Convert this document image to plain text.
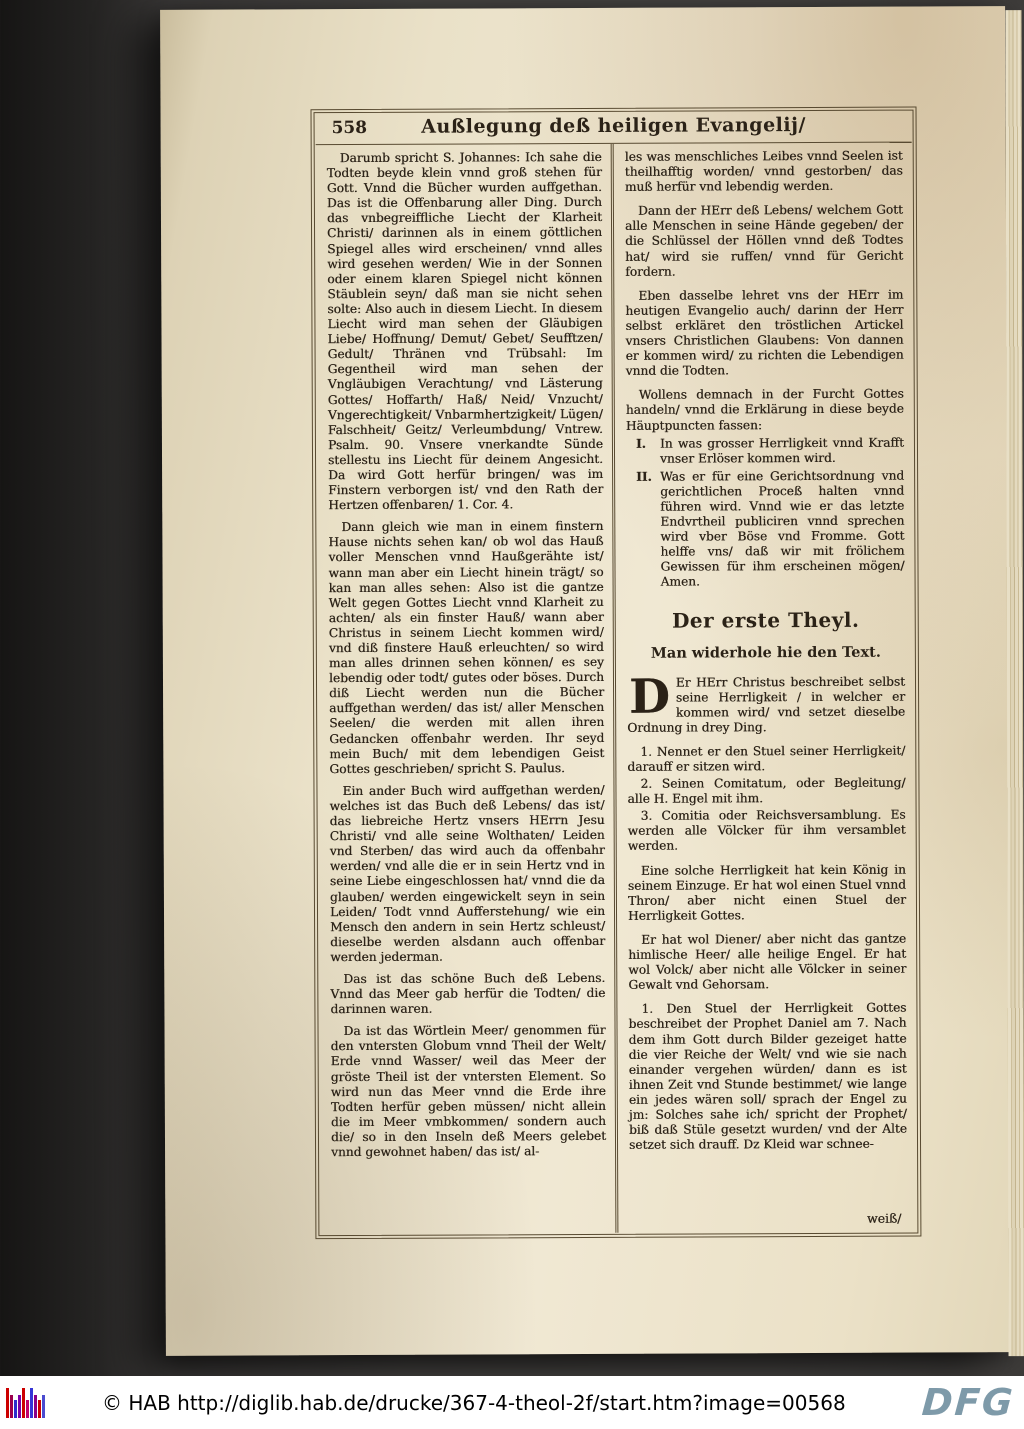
558	Außlegung deß heiligen Evangelij/

Darumb spricht S. Johannes: Ich sahe die Todten beyde klein vnnd groß stehen für Gott. Vnnd die Bücher wurden auffgethan. Das ist die Offenbarung aller Ding. Durch das vnbegreiffliche Liecht der Klarheit Christi/ darinnen als in einem göttlichen Spiegel alles wird erscheinen/ vnnd alles wird gesehen werden/ Wie in der Sonnen oder einem klaren Spiegel nicht können Stäublein seyn/ daß man sie nicht sehen solte: Also auch in diesem Liecht. In diesem Liecht wird man sehen der Gläubigen Liebe/ Hoffnung/ Demut/ Gebet/ Seufftzen/ Gedult/ Thränen vnd Trübsahl: Im Gegentheil wird man sehen der Vngläubigen Verachtung/ vnd Lästerung Gottes/ Hoffarth/ Haß/ Neid/ Vnzucht/ Vngerechtigkeit/ Vnbarmhertzigkeit/ Lügen/ Falschheit/ Geitz/ Verleumbdung/ Vntrew. Psalm. 90. Vnsere vnerkandte Sünde stellestu ins Liecht für deinem Angesicht. Da wird Gott herfür bringen/ was im Finstern verborgen ist/ vnd den Rath der Hertzen offenbaren/ 1. Cor. 4.

Dann gleich wie man in einem finstern Hause nichts sehen kan/ ob wol das Hauß voller Menschen vnnd Haußgerähte ist/ wann man aber ein Liecht hinein trägt/ so kan man alles sehen: Also ist die gantze Welt gegen Gottes Liecht vnnd Klarheit zu achten/ als ein finster Hauß/ wann aber Christus in seinem Liecht kommen wird/ vnd diß finstere Hauß erleuchten/ so wird man alles drinnen sehen können/ es sey lebendig oder todt/ gutes oder böses. Durch diß Liecht werden nun die Bücher auffgethan werden/ das ist/ aller Menschen Seelen/ die werden mit allen ihren Gedancken offenbahr werden. Ihr seyd mein Buch/ mit dem lebendigen Geist Gottes geschrieben/ spricht S. Paulus.

Ein ander Buch wird auffgethan werden/ welches ist das Buch deß Lebens/ das ist/ das liebreiche Hertz vnsers HErrn Jesu Christi/ vnd alle seine Wolthaten/ Leiden vnd Sterben/ das wird auch da offenbahr werden/ vnd alle die er in sein Hertz vnd in seine Liebe eingeschlossen hat/ vnnd die da glauben/ werden eingewickelt seyn in sein Leiden/ Todt vnnd Aufferstehung/ wie ein Mensch den andern in sein Hertz schleust/ dieselbe werden alsdann auch offenbar werden jederman.

Das ist das schöne Buch deß Lebens. Vnnd das Meer gab herfür die Todten/ die darinnen waren.

Da ist das Wörtlein Meer/ genommen für den vntersten Globum vnnd Theil der Welt/ Erde vnnd Wasser/ weil das Meer der gröste Theil ist der vntersten Element. So wird nun das Meer vnnd die Erde ihre Todten herfür geben müssen/ nicht allein die im Meer vmbkommen/ sondern auch die/ so in den Inseln deß Meers gelebet vnnd gewohnet haben/ das ist/ al-

les was menschliches Leibes vnnd Seelen ist theilhafftig worden/ vnnd gestorben/ das muß herfür vnd lebendig werden.

Dann der HErr deß Lebens/ welchem Gott alle Menschen in seine Hände gegeben/ der die Schlüssel der Höllen vnnd deß Todtes hat/ wird sie ruffen/ vnnd für Gericht fordern.

Eben dasselbe lehret vns der HErr im heutigen Evangelio auch/ darinn der Herr selbst erkläret den tröstlichen Artickel vnsers Christlichen Glaubens: Von dannen er kommen wird/ zu richten die Lebendigen vnnd die Todten.

Wollens demnach in der Furcht Gottes handeln/ vnnd die Erklärung in diese beyde Häuptpuncten fassen:

I. In was grosser Herrligkeit vnnd Krafft vnser Erlöser kommen wird.
II. Was er für eine Gerichtsordnung vnd gerichtlichen Proceß halten vnnd führen wird. Vnnd wie er das letzte Endvrtheil publiciren vnnd sprechen wird vber Böse vnd Fromme. Gott helffe vns/ daß wir mit frölichem Gewissen für ihm erscheinen mögen/ Amen.
Der erste Theyl.
Man widerhole hie den Text.

D Er HErr Christus beschreibet selbst seine Herrligkeit / in welcher er kommen wird/ vnd setzet dieselbe Ordnung in drey Ding.

1. Nennet er den Stuel seiner Herrligkeit/ darauff er sitzen wird.

2. Seinen Comitatum, oder Begleitung/ alle H. Engel mit ihm.

3. Comitia oder Reichsversamblung. Es werden alle Völcker für ihm versamblet werden.

Eine solche Herrligkeit hat kein König in seinem Einzuge. Er hat wol einen Stuel vnnd Thron/ aber nicht einen Stuel der Herrligkeit Gottes.

Er hat wol Diener/ aber nicht das gantze himlische Heer/ alle heilige Engel. Er hat wol Volck/ aber nicht alle Völcker in seiner Gewalt vnd Gehorsam.

1. Den Stuel der Herrligkeit Gottes beschreibet der Prophet Daniel am 7. Nach dem ihm Gott durch Bilder gezeiget hatte die vier Reiche der Welt/ vnd wie sie nach einander vergehen würden/ dann es ist ihnen Zeit vnd Stunde bestimmet/ wie lange ein jedes wären soll/ sprach der Engel zu jm: Solches sahe ich/ spricht der Prophet/ biß daß Stüle gesetzt wurden/ vnd der Alte setzet sich drauff. Dz Kleid war schnee-

weiß/
© HAB http://diglib.hab.de/drucke/367-4-theol-2f/start.htm?image=00568 DFG
